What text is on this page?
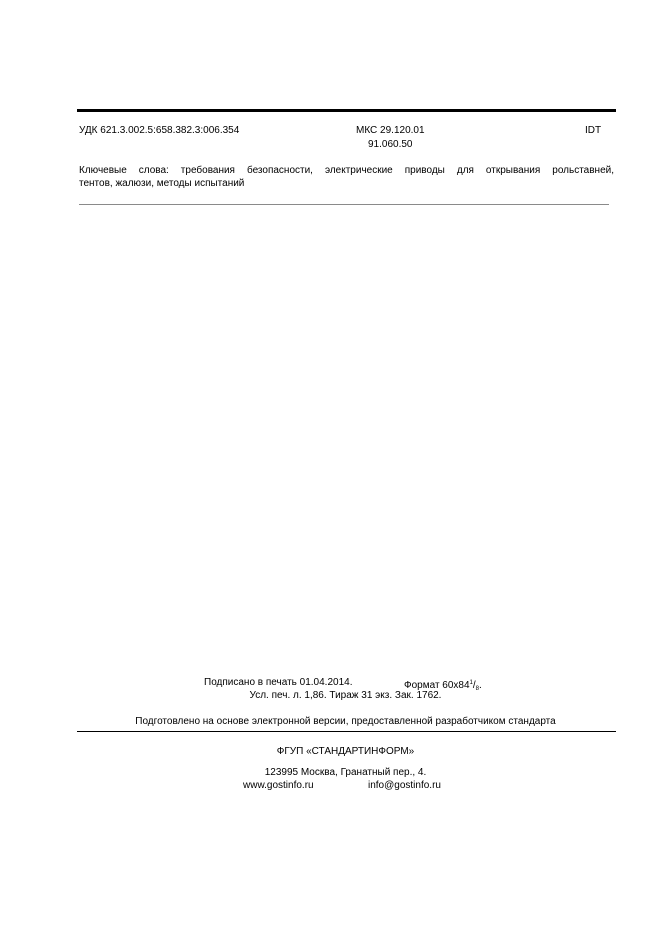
УДК 621.3.002.5:658.382.3:006.354	МКС 29.120.01
91.060.50
IDT
Ключевые слова: требования безопасности, электрические приводы для открывания рольставней,
тентов, жалюзи, методы испытаний
Подписано в печать 01.04.2014.	Формат $60х84^1/_8$.
Усл. печ. л. 1,86. Тираж 31 экз. Зак. 1762.
Подготовлено на основе электронной версии, предоставленной разработчиком стандарта
ФГУП «СТАНДАРТИНФОРМ»
123995 Москва, Гранатный пер., 4.
www.gostinfo.ru	info@gostinfo.ru
